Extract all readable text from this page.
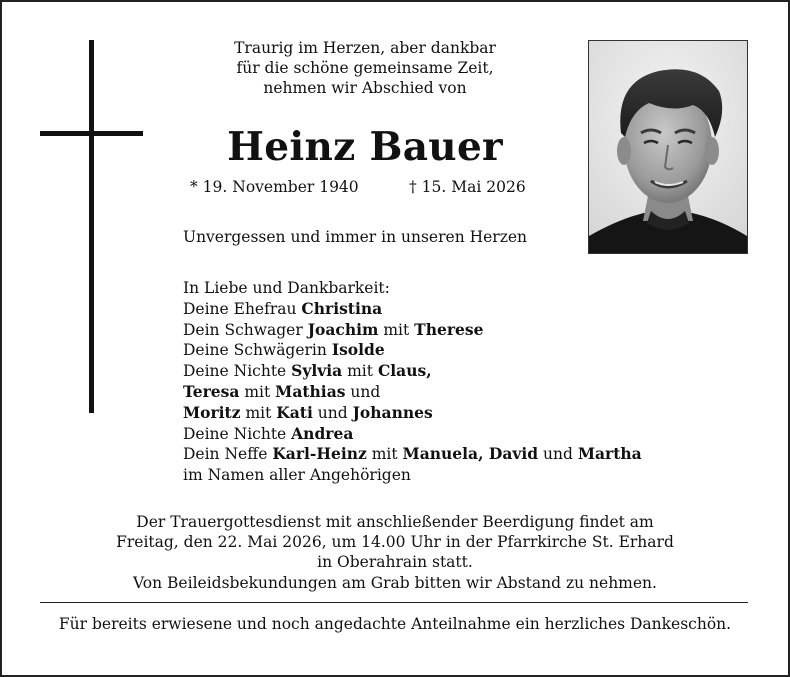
Traurig im Herzen, aber dankbar
für die schöne gemeinsame Zeit,
nehmen wir Abschied von
Heinz Bauer
* 19. November 1940	† 15. Mai 2026
Unvergessen und immer in unseren Herzen
In Liebe und Dankbarkeit:
Deine Ehefrau Christina
Dein Schwager Joachim mit Therese
Deine Schwägerin Isolde
Deine Nichte Sylvia mit Claus,
Teresa mit Mathias und
Moritz mit Kati und Johannes
Deine Nichte Andrea
Dein Neffe Karl-Heinz mit Manuela, David und Martha
im Namen aller Angehörigen
Der Trauergottesdienst mit anschließender Beerdigung findet am
Freitag, den 22. Mai 2026, um 14.00 Uhr in der Pfarrkirche St. Erhard
in Oberahrain statt.
Von Beileidsbekundungen am Grab bitten wir Abstand zu nehmen.
Für bereits erwiesene und noch angedachte Anteilnahme ein herzliches Dankeschön.
